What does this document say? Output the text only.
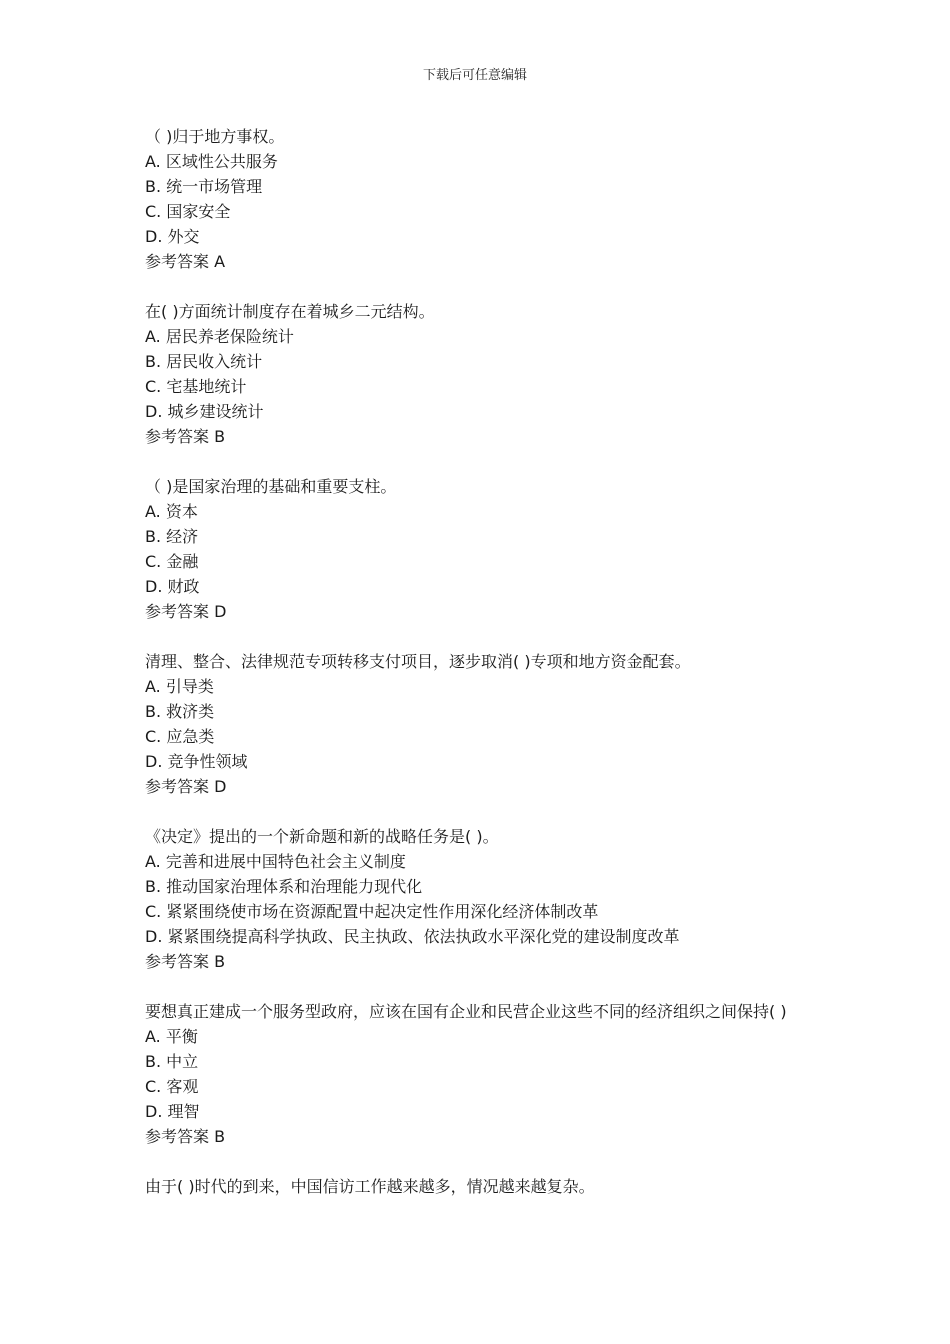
下载后可任意编辑
（ )归于地方事权。
A. 区域性公共服务
B. 统一市场管理
C. 国家安全
D. 外交
参考答案 A
在( )方面统计制度存在着城乡二元结构。
A. 居民养老保险统计
B. 居民收入统计
C. 宅基地统计
D. 城乡建设统计
参考答案 B
（ )是国家治理的基础和重要支柱。
A. 资本
B. 经济
C. 金融
D. 财政
参考答案 D
清理、整合、法律规范专项转移支付项目，逐步取消( )专项和地方资金配套。
A. 引导类
B. 救济类
C. 应急类
D. 竞争性领域
参考答案 D
《决定》提出的一个新命题和新的战略任务是( )。
A. 完善和进展中国特色社会主义制度
B. 推动国家治理体系和治理能力现代化
C. 紧紧围绕使市场在资源配置中起决定性作用深化经济体制改革
D. 紧紧围绕提高科学执政、民主执政、依法执政水平深化党的建设制度改革
参考答案 B
要想真正建成一个服务型政府，应该在国有企业和民营企业这些不同的经济组织之间保持( )
A. 平衡
B. 中立
C. 客观
D. 理智
参考答案 B
由于( )时代的到来，中国信访工作越来越多，情况越来越复杂。
